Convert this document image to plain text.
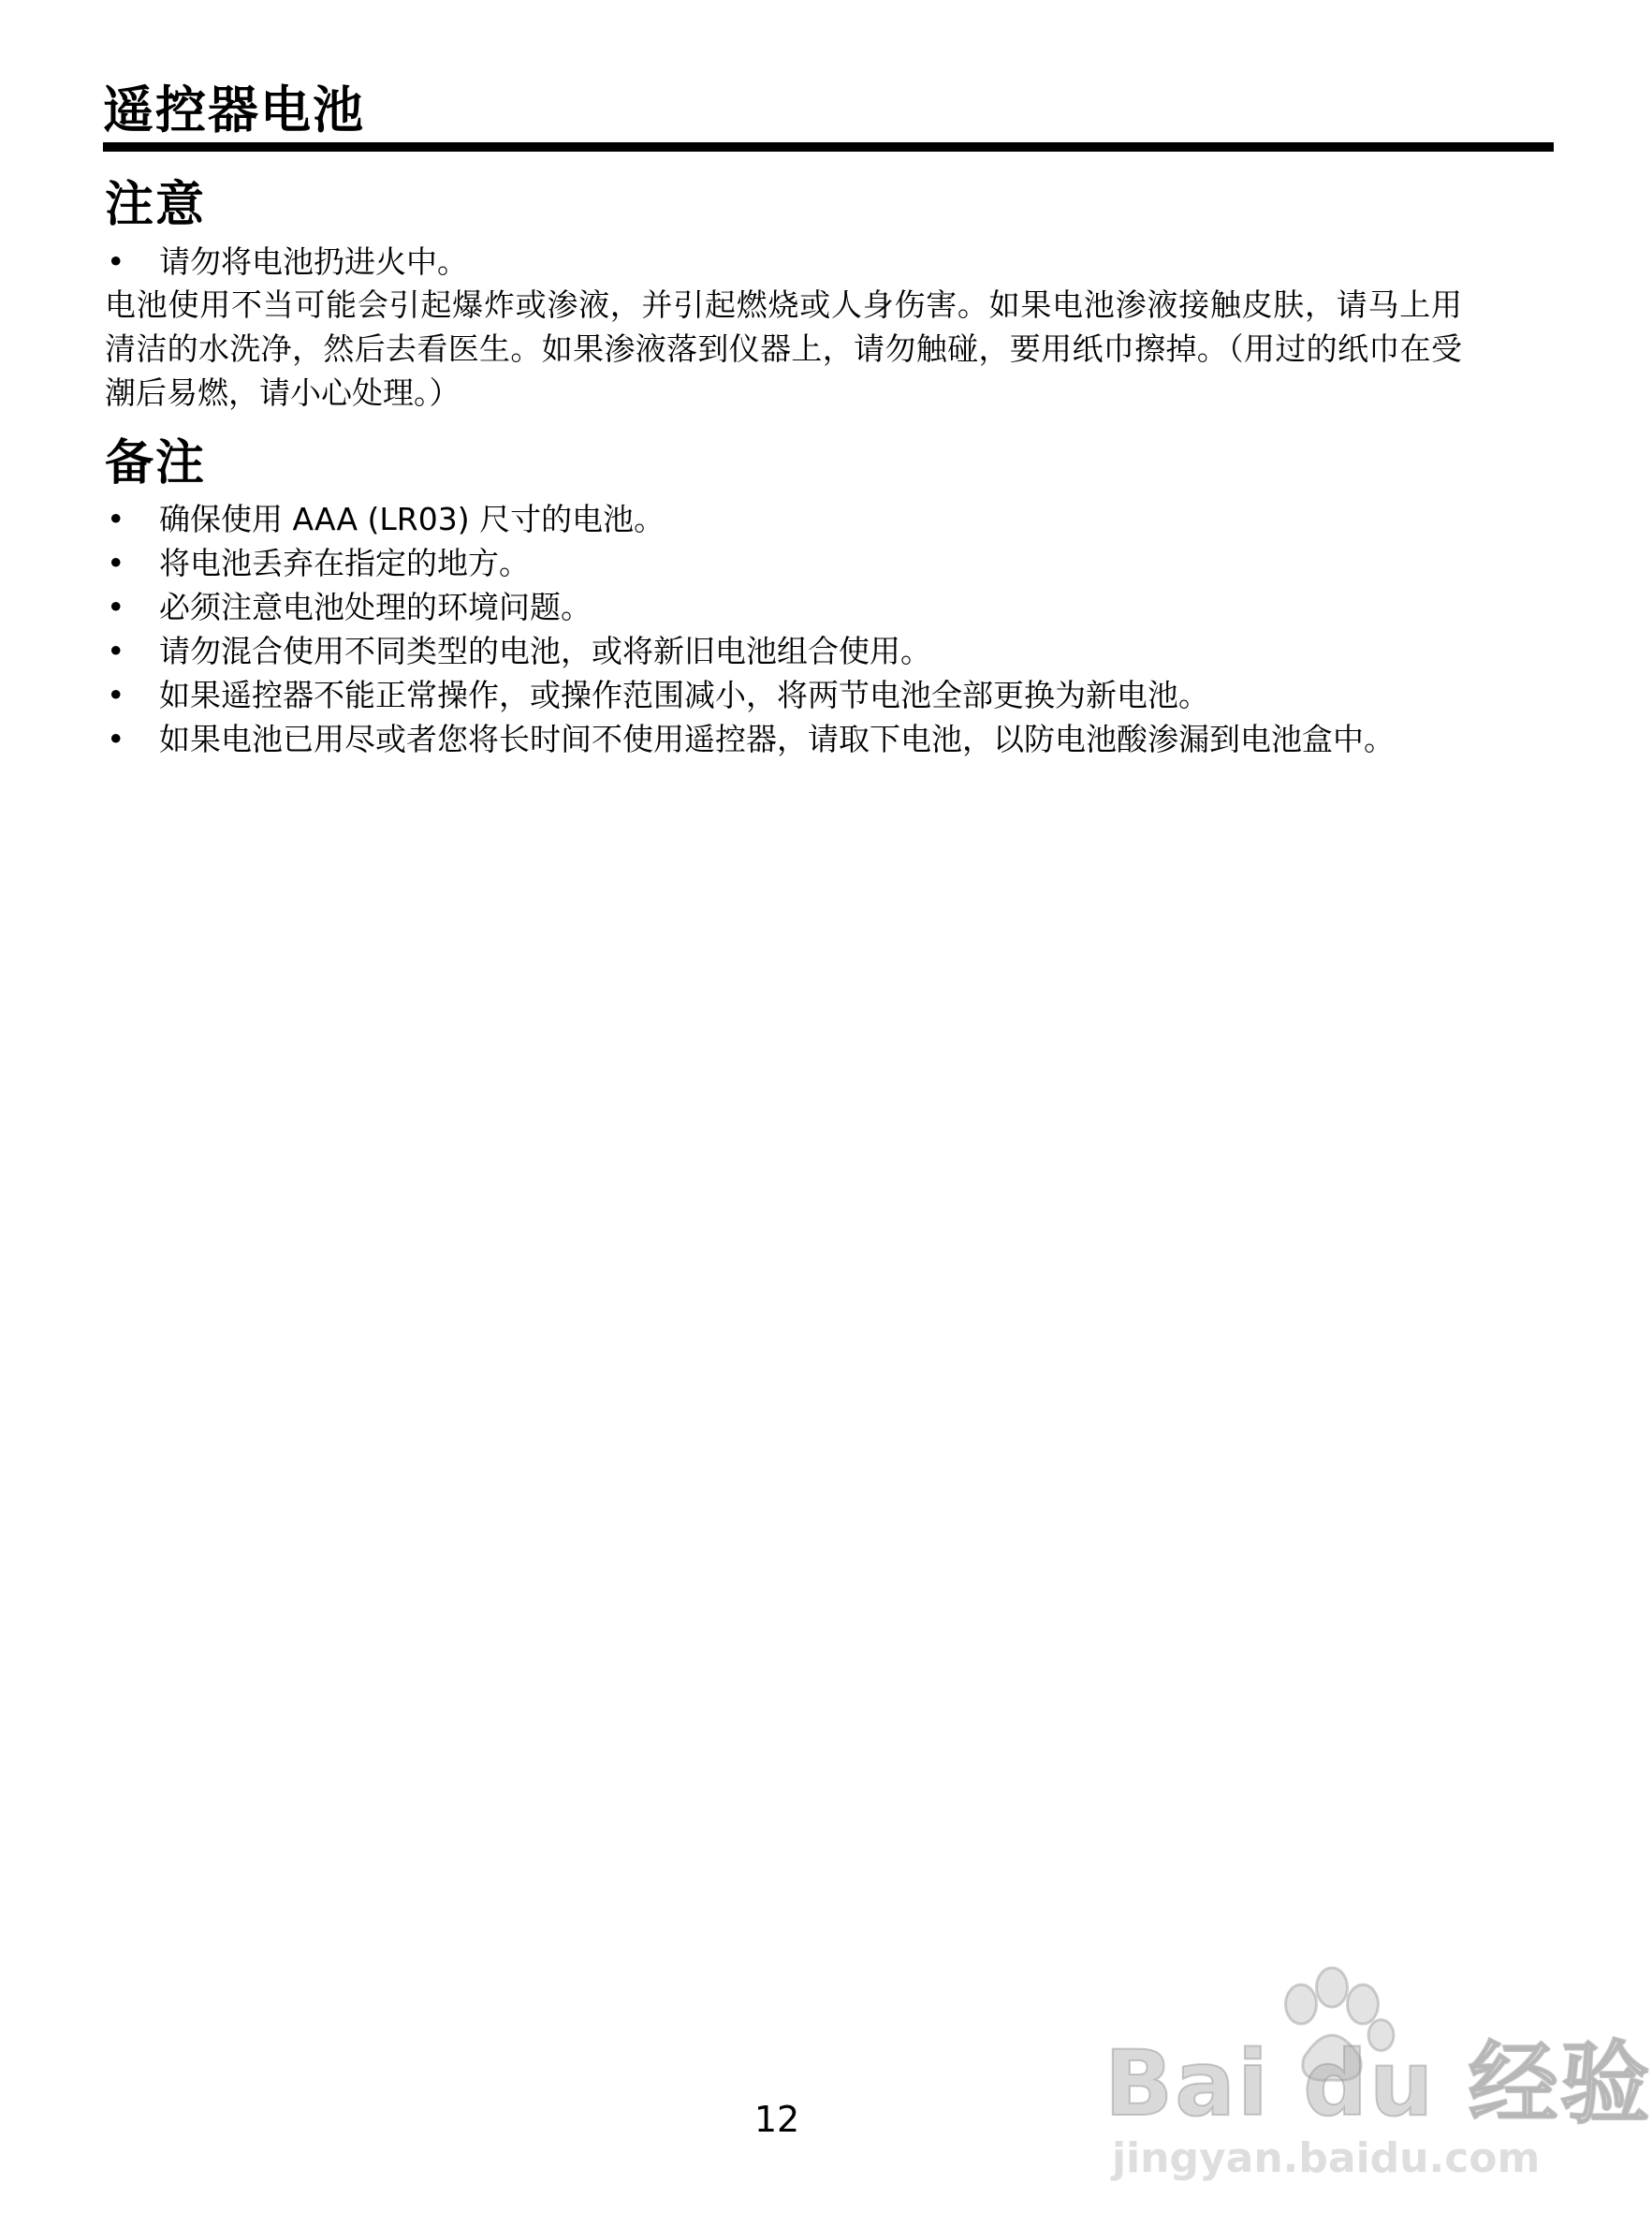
遥控器电池
注意
• 请勿将电池扔进火中。

电池使用不当可能会引起爆炸或渗液，并引起燃烧或人身伤害。如果电池渗液接触皮肤，请马上用清洁的水洗净，然后去看医生。如果渗液落到仪器上，请勿触碰，要用纸巾擦掉。（用过的纸巾在受潮后易燃，请小心处理。）

备注
• 确保使用 AAA (LR03) 尺寸的电池。
• 将电池丢弃在指定的地方。
• 必须注意电池处理的环境问题。
• 请勿混合使用不同类型的电池，或将新旧电池组合使用。
• 如果遥控器不能正常操作，或操作范围减小，将两节电池全部更换为新电池。
• 如果电池已用尽或者您将长时间不使用遥控器，请取下电池，以防电池酸渗漏到电池盒中。
12	Bai du 经验
jingyan.baidu.com
